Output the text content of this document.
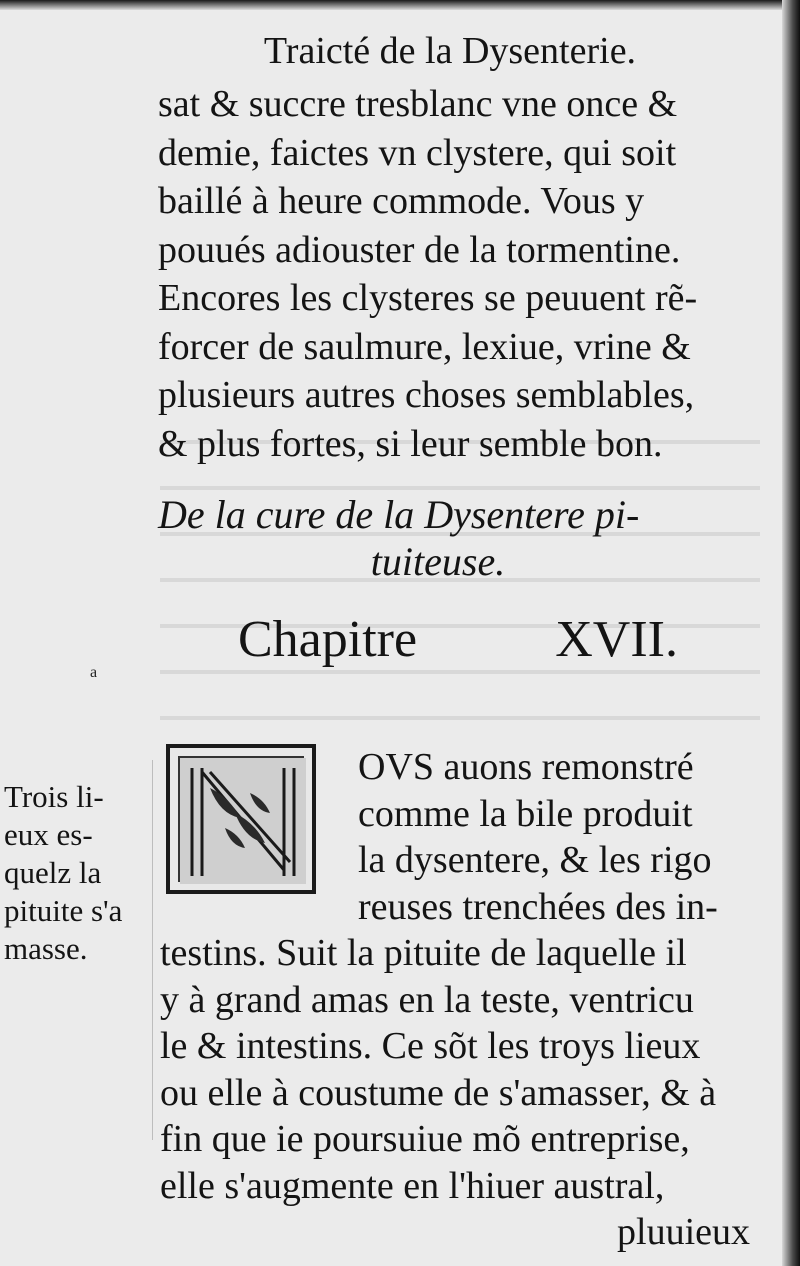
Traicté de la Dysenterie.
sat & succre tresblanc vne once &
demie, faictes vn clystere, qui soit
baillé à heure commode. Vous y
pouués adiouster de la tormentine.
Encores les clysteres se peuuent rẽ-
forcer de saulmure, lexiue, vrine &
plusieurs autres choses semblables,
& plus fortes, si leur semble bon.
De la cure de la Dysentere pi-
tuiteuse.
Chapitre	XVII.
a
OVS auons remonstré
comme la bile produit
la dysentere, & les rigo
reuses trenchées des in-
testins. Suit la pituite de laquelle il
y à grand amas en la teste, ventricu
le & intestins. Ce sõt les troys lieux
ou elle à coustume de s'amasser, & à
fin que ie poursuiue mõ entreprise,
elle s'augmente en l'hiuer austral,
pluuieux
Trois li-
eux es-
quelz la
pituite s'a
masse.
